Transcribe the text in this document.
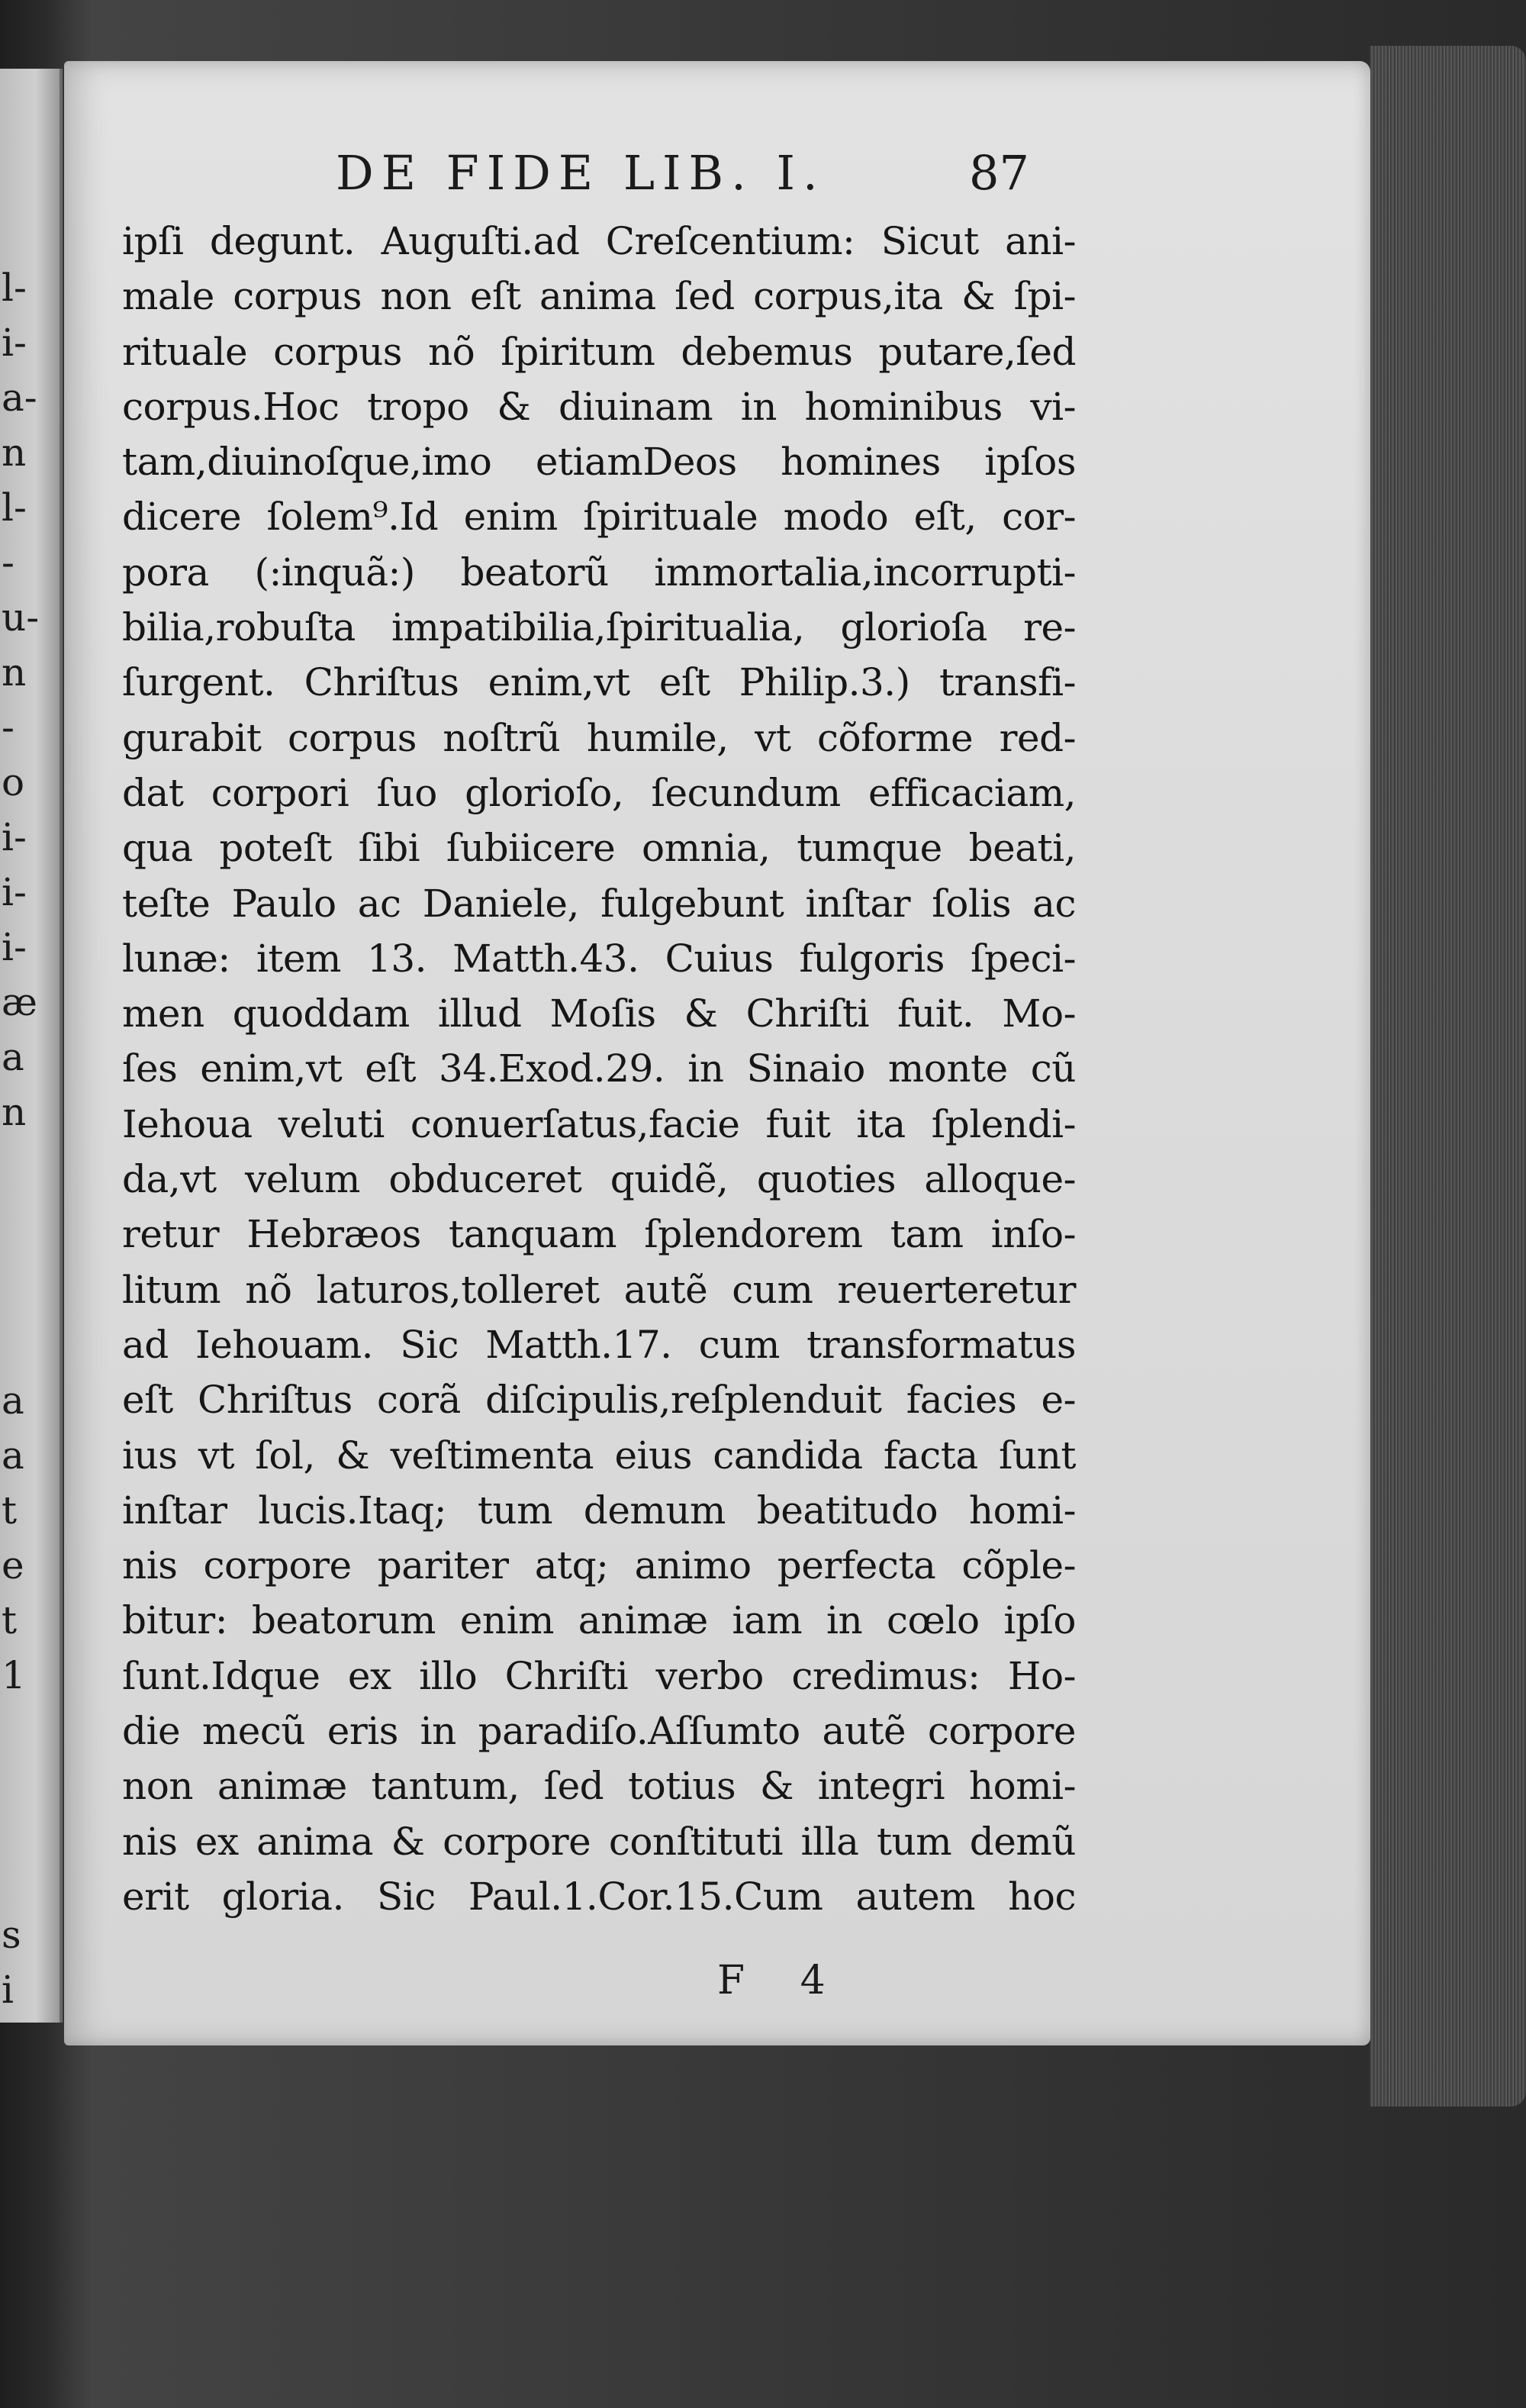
l-
i-
a-
n
l-
-
u-
n
-
o
i-
i-
i-
æ
a
n
a
a
t
e
t
1
s
i
DE FIDE LIB. I.	87
ipſi degunt. Auguſti.ad Creſcentium: Sicut ani-
male corpus non eſt anima ſed corpus,ita & ſpi-
rituale corpus nõ ſpiritum debemus putare,ſed
corpus.Hoc tropo & diuinam in hominibus vi-
tam,diuinoſque,imo etiamDeos homines ipſos
dicere ſolem⁹.Id enim ſpirituale modo eſt, cor-
pora (:inquã:) beatorũ immortalia,incorrupti-
bilia,robuſta impatibilia,ſpiritualia, glorioſa re-
ſurgent. Chriſtus enim,vt eſt Philip.3.) transfi-
gurabit corpus noſtrũ humile, vt cõforme red-
dat corpori ſuo glorioſo, ſecundum efficaciam,
qua poteſt ſibi ſubiicere omnia, tumque beati,
teſte Paulo ac Daniele, fulgebunt inſtar ſolis ac
lunæ: item 13. Matth.43. Cuius fulgoris ſpeci-
men quoddam illud Moſis & Chriſti fuit. Mo-
ſes enim,vt eſt 34.Exod.29. in Sinaio monte cũ
Iehoua veluti conuerſatus,facie fuit ita ſplendi-
da,vt velum obduceret quidẽ, quoties alloque-
retur Hebræos tanquam ſplendorem tam inſo-
litum nõ laturos,tolleret autẽ cum reuerteretur
ad Iehouam. Sic Matth.17. cum transformatus
eſt Chriſtus corã diſcipulis,reſplenduit facies e-
ius vt ſol, & veſtimenta eius candida facta ſunt
inſtar lucis.Itaq; tum demum beatitudo homi-
nis corpore pariter atq; animo perfecta cõple-
bitur: beatorum enim animæ iam in cœlo ipſo
ſunt.Idque ex illo Chriſti verbo credimus: Ho-
die mecũ eris in paradiſo.Aſſumto autẽ corpore
non animæ tantum, ſed totius & integri homi-
nis ex anima & corpore conſtituti illa tum demũ
erit gloria. Sic Paul.1.Cor.15.Cum autem hoc
F 4
